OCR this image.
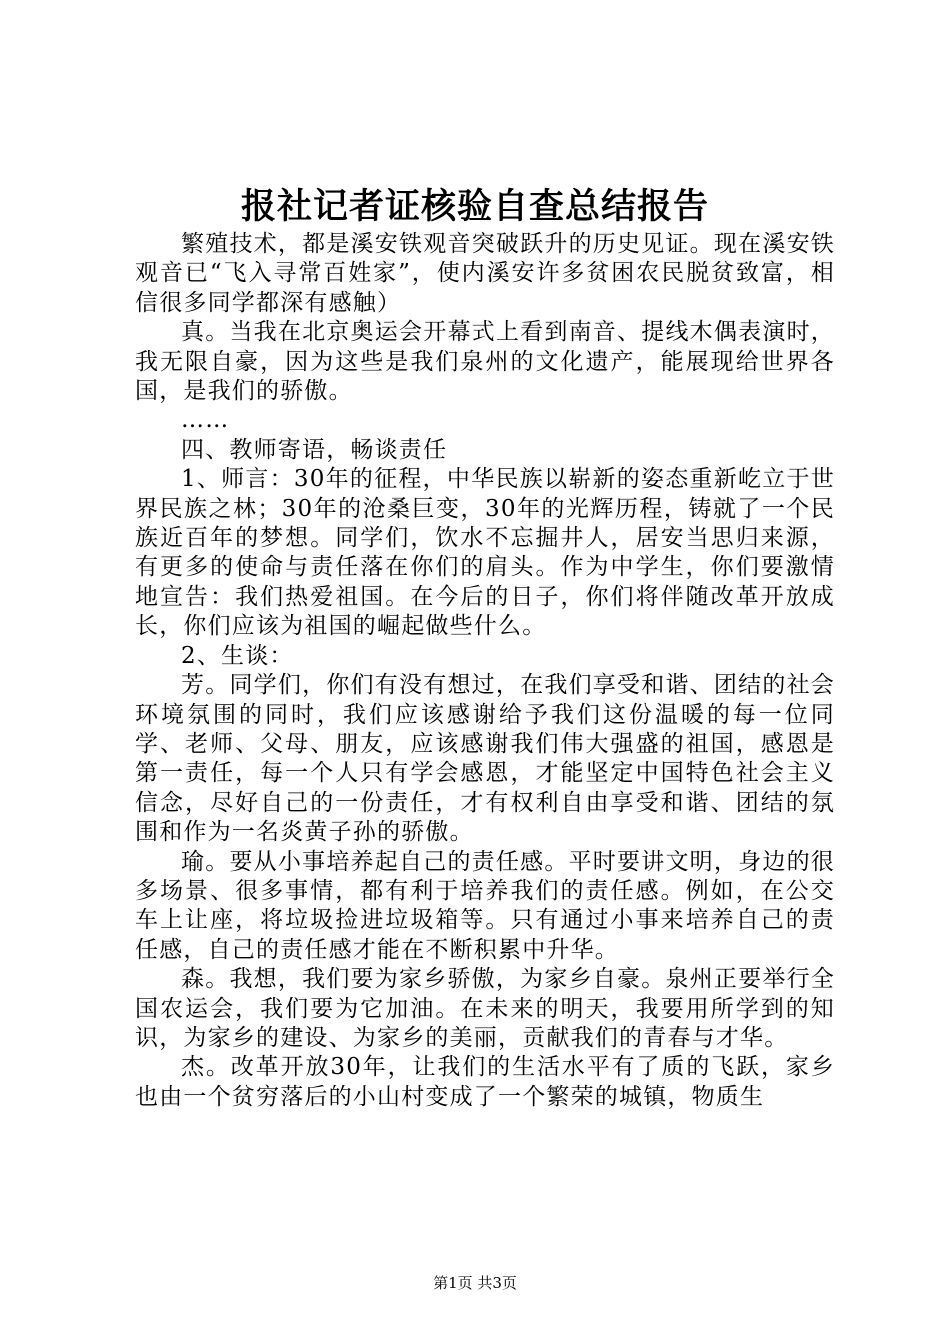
报社记者证核验自查总结报告

繁殖技术，都是溪安铁观音突破跃升的历史见证。现在溪安铁观音已“飞入寻常百姓家”，使内溪安许多贫困农民脱贫致富，相信很多同学都深有感触）

真。当我在北京奥运会开幕式上看到南音、提线木偶表演时，我无限自豪，因为这些是我们泉州的文化遗产，能展现给世界各国，是我们的骄傲。

……

四、教师寄语，畅谈责任

1、师言：30年的征程，中华民族以崭新的姿态重新屹立于世界民族之林；30年的沧桑巨变，30年的光辉历程，铸就了一个民族近百年的梦想。同学们，饮水不忘掘井人，居安当思归来源，有更多的使命与责任落在你们的肩头。作为中学生，你们要激情地宣告：我们热爱祖国。在今后的日子，你们将伴随改革开放成长，你们应该为祖国的崛起做些什么。

2、生谈：

芳。同学们，你们有没有想过，在我们享受和谐、团结的社会环境氛围的同时，我们应该感谢给予我们这份温暖的每一位同学、老师、父母、朋友，应该感谢我们伟大强盛的祖国，感恩是第一责任，每一个人只有学会感恩，才能坚定中国特色社会主义信念，尽好自己的一份责任，才有权利自由享受和谐、团结的氛围和作为一名炎黄子孙的骄傲。

瑜。要从小事培养起自己的责任感。平时要讲文明，身边的很多场景、很多事情，都有利于培养我们的责任感。例如，在公交车上让座，将垃圾捡进垃圾箱等。只有通过小事来培养自己的责任感，自己的责任感才能在不断积累中升华。

森。我想，我们要为家乡骄傲，为家乡自豪。泉州正要举行全国农运会，我们要为它加油。在未来的明天，我要用所学到的知识，为家乡的建设、为家乡的美丽，贡献我们的青春与才华。

杰。改革开放30年，让我们的生活水平有了质的飞跃，家乡也由一个贫穷落后的小山村变成了一个繁荣的城镇，物质生

第1页 共3页
